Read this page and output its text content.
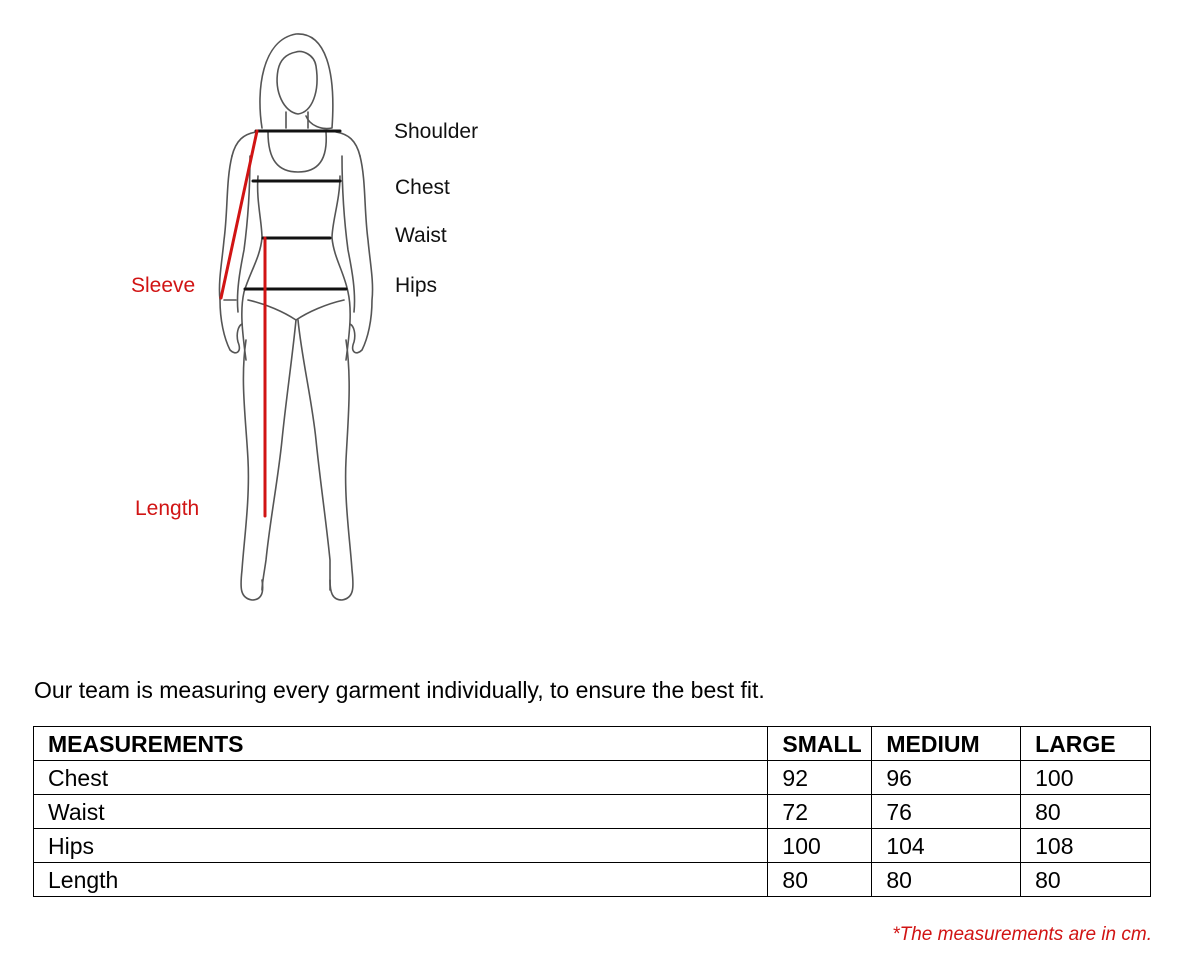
Shoulder
Chest
Waist
Hips
Sleeve
Length
Our team is measuring every garment individually, to ensure the best fit.
MEASUREMENTS	SMALL	MEDIUM	LARGE
Chest	92	96	100
Waist	72	76	80
Hips	100	104	108
Length	80	80	80
*The measurements are in cm.
